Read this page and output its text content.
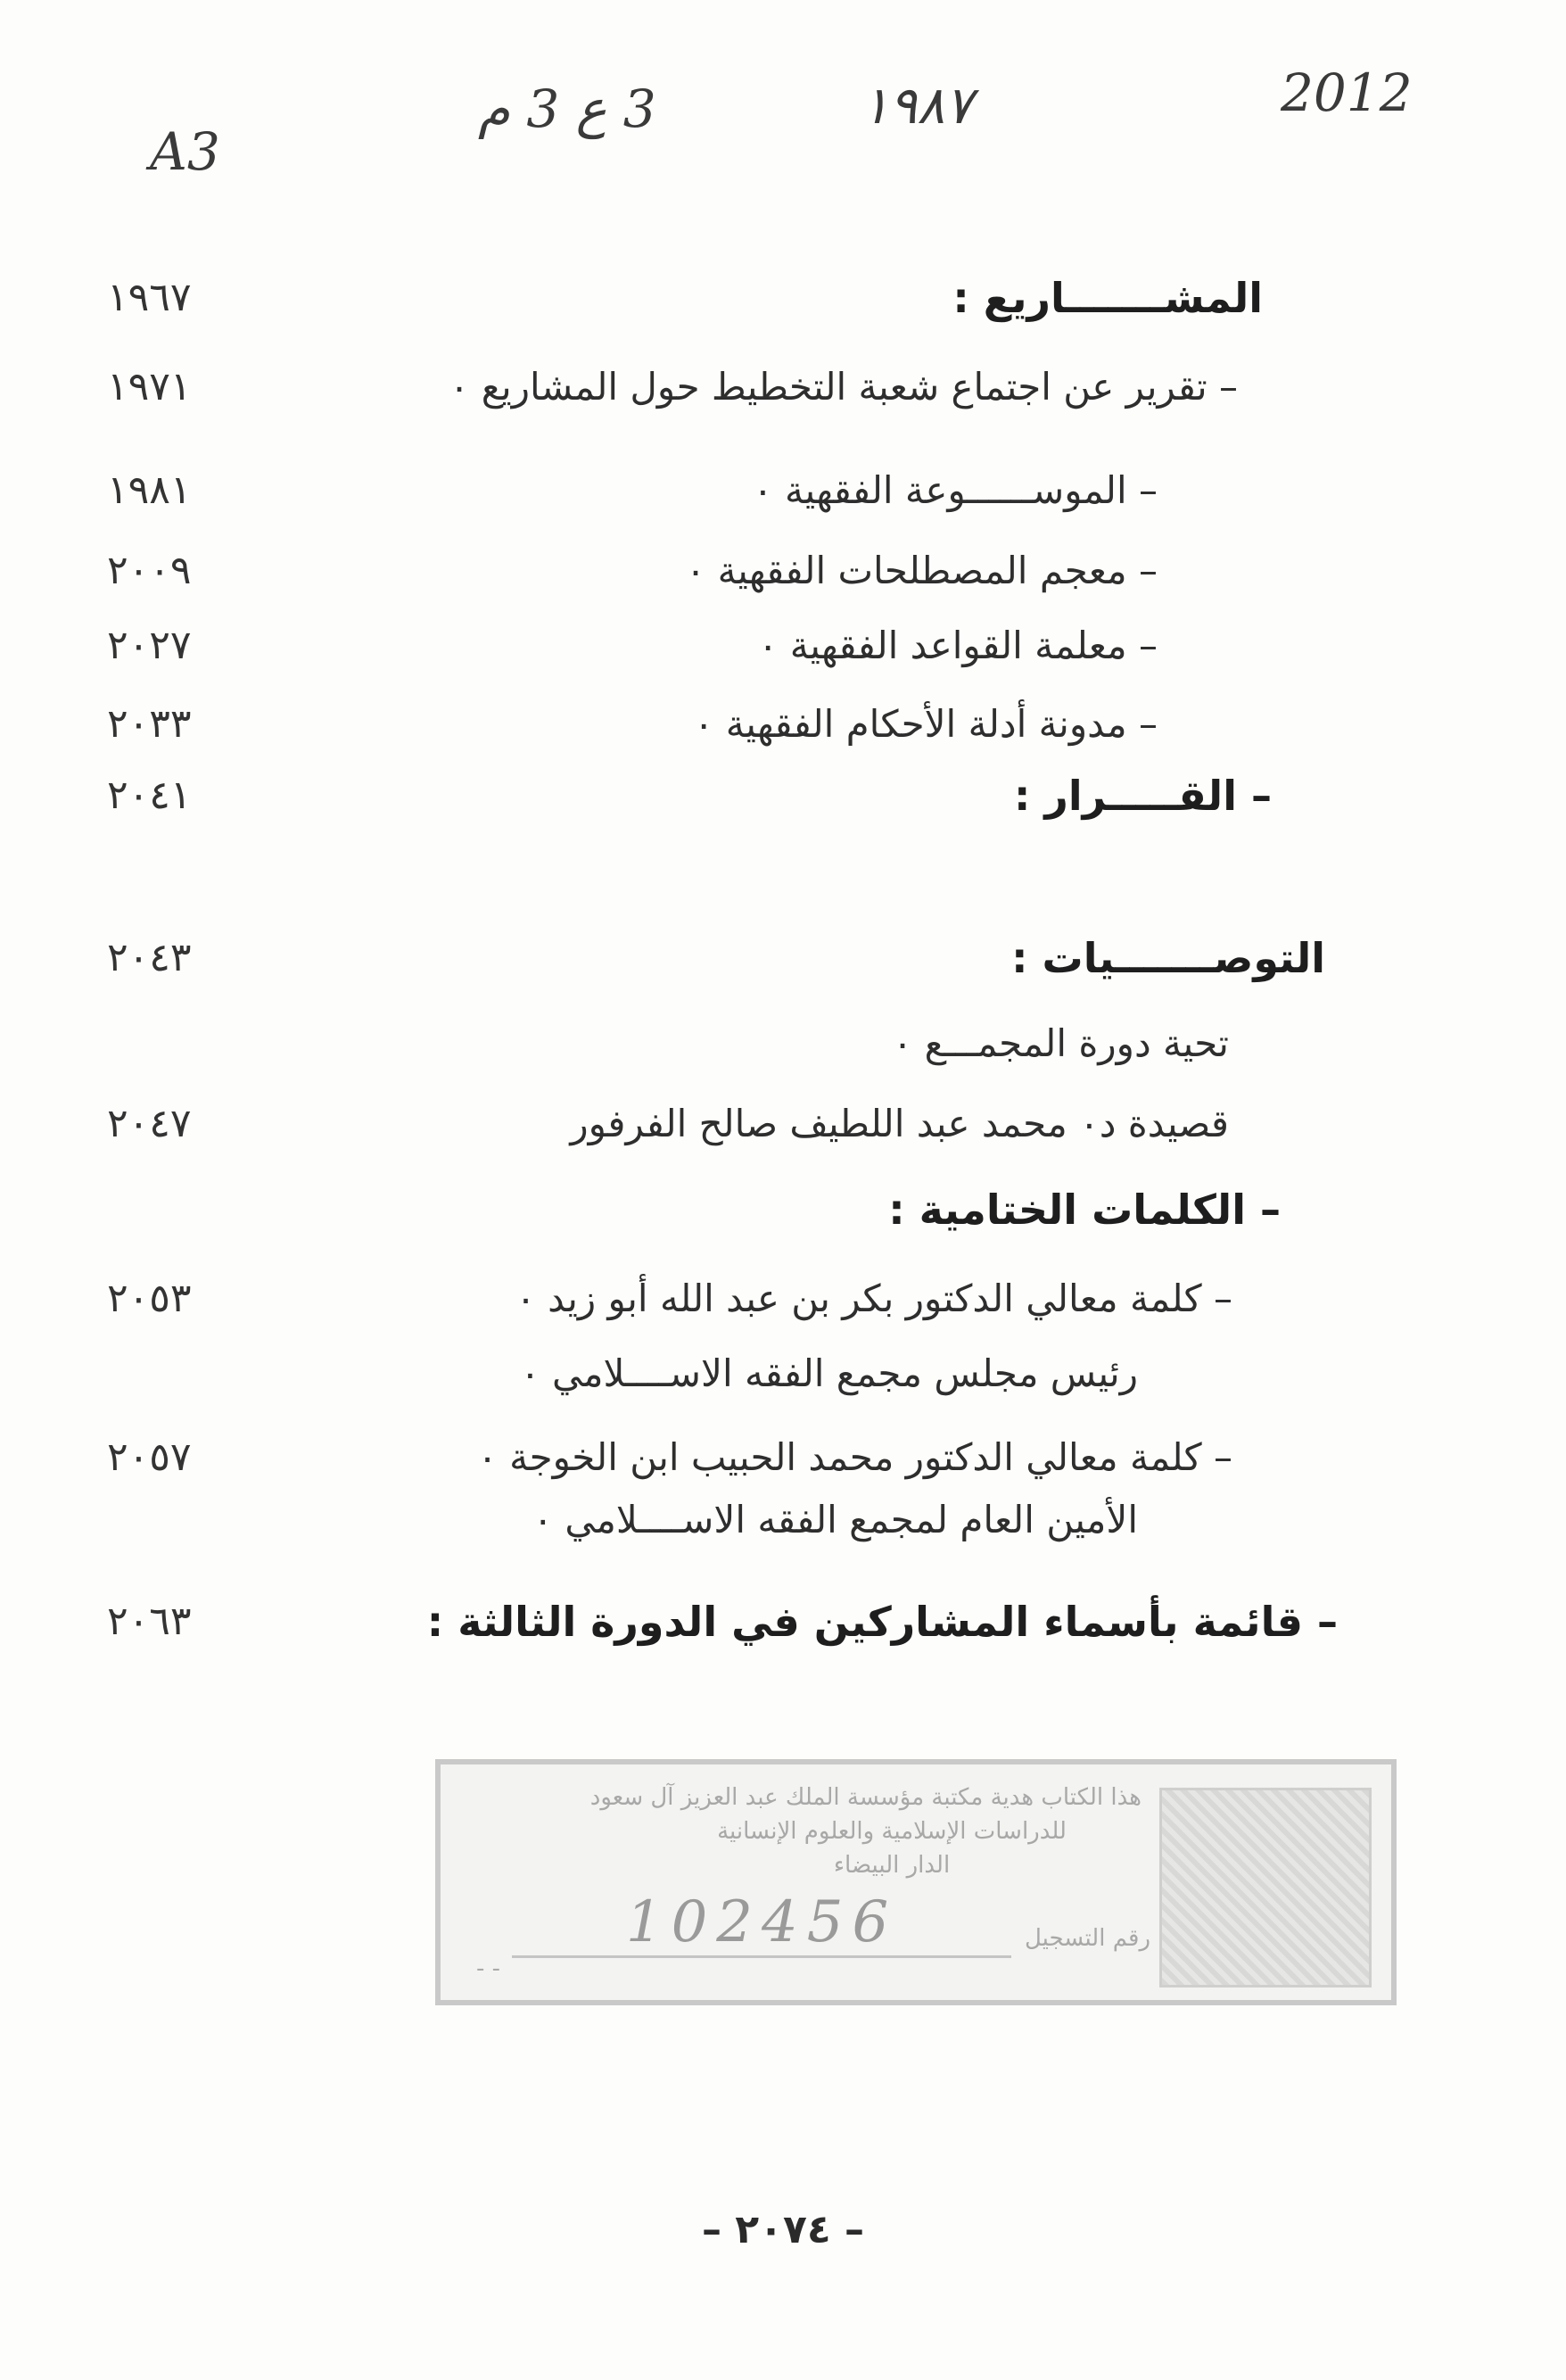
A3
3 ع 3 م	١٩٨٧	2012
١٩٦٧	المشـــــــاريع :
١٩٧١	– تقرير عن اجتماع شعبة التخطيط حول المشاريع ٠
١٩٨١	– الموســــــوعة الفقهية ٠
٢٠٠٩	– معجم المصطلحات الفقهية ٠
٢٠٢٧	– معلمة القواعد الفقهية ٠
٢٠٣٣	– مدونة أدلة الأحكام الفقهية ٠
٢٠٤١	– القـــــرار :
٢٠٤٣	التوصـــــــيات :
تحية دورة المجمـــع ٠
٢٠٤٧	قصيدة د٠ محمد عبد اللطيف صالح الفرفور
– الكلمات الختامية :
٢٠٥٣	– كلمة معالي الدكتور بكر بن عبد الله أبو زيد ٠
رئيس مجلس مجمع الفقه الاســــلامي ٠
٢٠٥٧	– كلمة معالي الدكتور محمد الحبيب ابن الخوجة ٠
الأمين العام لمجمع الفقه الاســــلامي ٠
٢٠٦٣	– قائمة بأسماء المشاركين في الدورة الثالثة :
هذا الكتاب هدية مكتبة مؤسسة الملك عبد العزيز آل سعود
للدراسات الإسلامية والعلوم الإنسانية
الدار البيضاء
رقم التسجيل
102456
- -
– ٢٠٧٤ –
